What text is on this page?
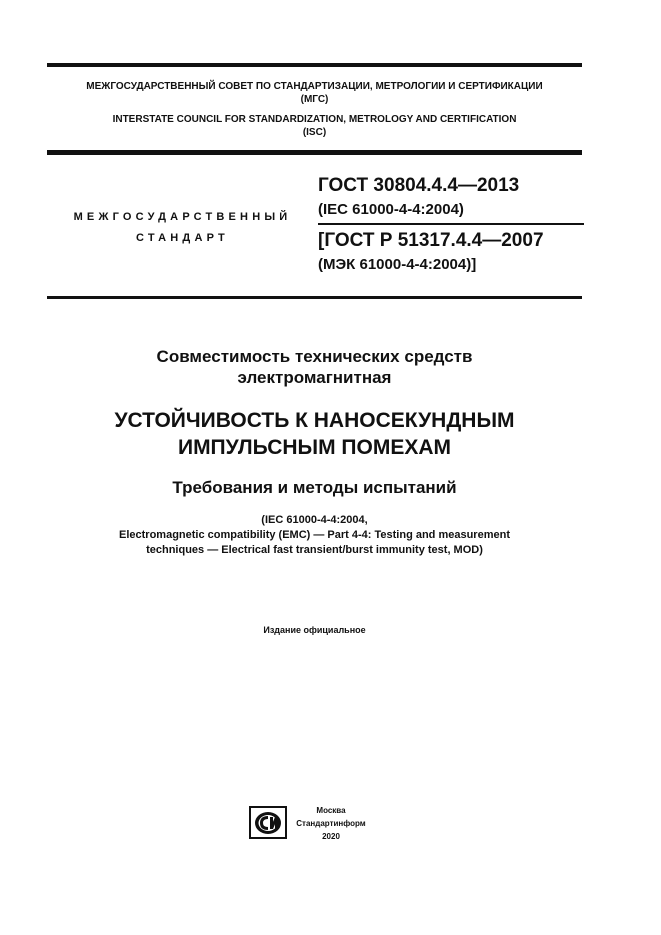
МЕЖГОСУДАРСТВЕННЫЙ СОВЕТ ПО СТАНДАРТИЗАЦИИ, МЕТРОЛОГИИ И СЕРТИФИКАЦИИ
(МГС)
INTERSTATE COUNCIL FOR STANDARDIZATION, METROLOGY AND CERTIFICATION
(ISC)
МЕЖГОСУДАРСТВЕННЫЙ
СТАНДАРТ
ГОСТ 30804.4.4—2013
(IEC 61000-4-4:2004)
[ГОСТ Р 51317.4.4—2007
(МЭК 61000-4-4:2004)]
Совместимость технических средств
электромагнитная
УСТОЙЧИВОСТЬ К НАНОСЕКУНДНЫМ
ИМПУЛЬСНЫМ ПОМЕХАМ
Требования и методы испытаний
(IEC 61000-4-4:2004,
Electromagnetic compatibility (EMC) — Part 4-4: Testing and measurement
techniques — Electrical fast transient/burst immunity test, MOD)
Издание официальное
Москва
Стандартинформ
2020
